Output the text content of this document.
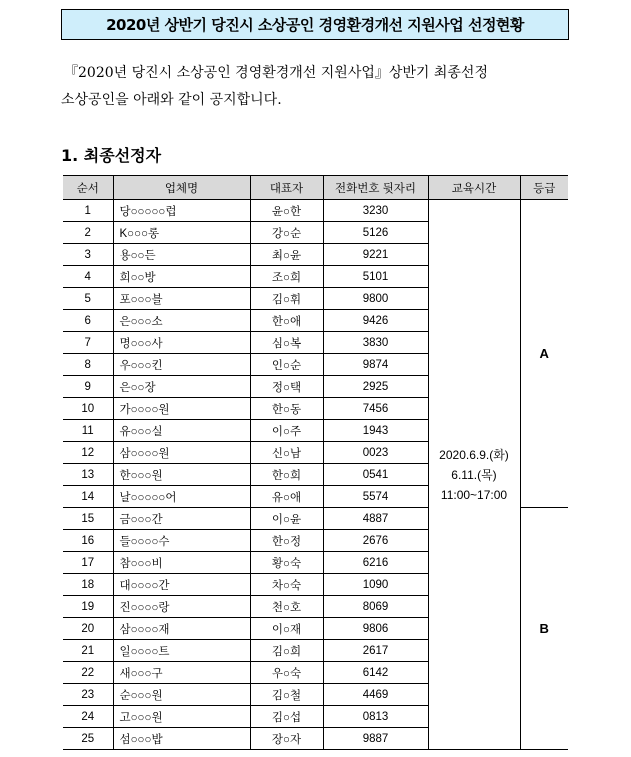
2020년 상반기 당진시 소상공인 경영환경개선 지원사업 선정현황

『2020년 당진시 소상공인 경영환경개선 지원사업』상반기 최종선정

소상공인을 아래와 같이 공지합니다.

1. 최종선정자
순서	업체명	대표자	전화번호 뒷자리	교육시간	등급
1	당○○○○○럽	윤○한	3230	2020.6.9.(화)
6.11.(목)
11:00~17:00	A
2	K○○○롱	강○순	5126		
3	용○○든	최○윤	9221		
4	희○○방	조○희	5101		
5	포○○○블	김○휘	9800		
6	은○○○소	한○애	9426		
7	명○○○사	심○복	3830		
8	우○○○킨	인○순	9874		
9	은○○장	정○택	2925		
10	가○○○○원	한○동	7456		
11	유○○○실	이○주	1943		
12	삼○○○○원	신○남	0023		
13	한○○○원	한○희	0541		
14	날○○○○○어	유○애	5574		
15	금○○○간	이○윤	4887		B
16	들○○○○수	한○정	2676		
17	참○○○비	황○숙	6216		
18	대○○○○간	차○숙	1090		
19	진○○○○랑	천○호	8069		
20	삼○○○○재	이○재	9806		
21	일○○○○트	김○희	2617		
22	새○○○구	우○숙	6142		
23	순○○○원	김○철	4469		
24	고○○○원	김○섭	0813		
25	섬○○○밥	장○자	9887		
